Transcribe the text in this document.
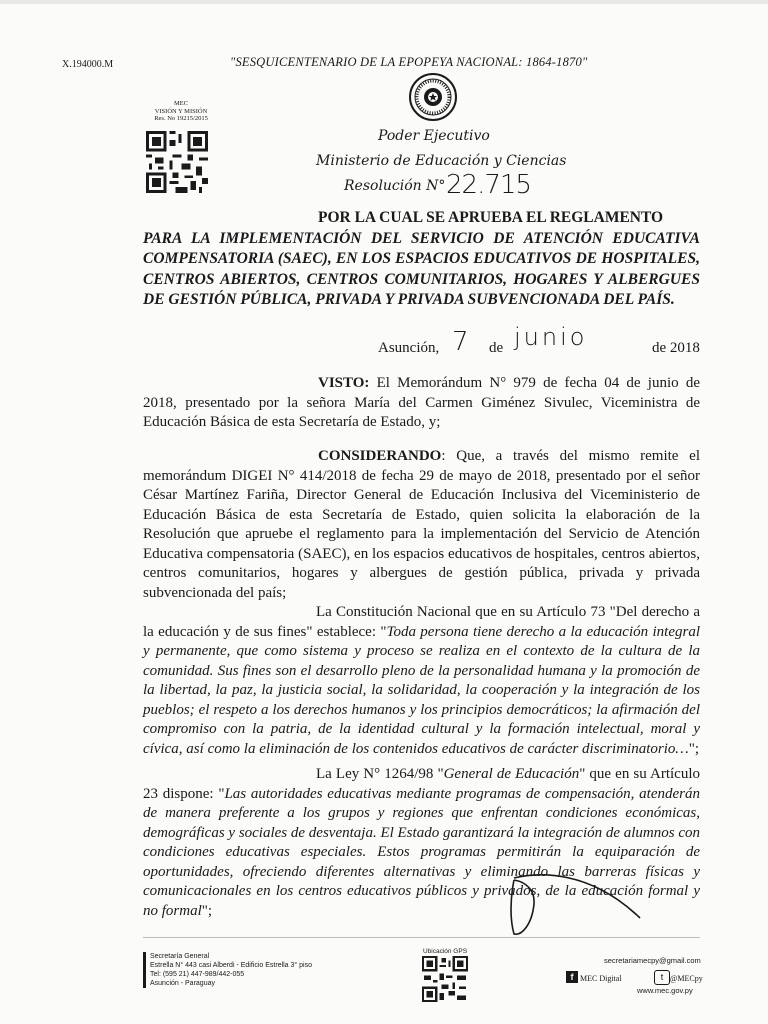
X.194000.M	"SESQUICENTENARIO DE LA EPOPEYA NACIONAL: 1864-1870"
MEC
VISIÓN Y MISIÓN
Res. No 19215/2015
Poder Ejecutivo
Ministerio de Educación y Ciencias
Resolución N° 22.715
POR LA CUAL SE APRUEBA EL REGLAMENTO
PARA LA IMPLEMENTACIÓN DEL SERVICIO DE ATENCIÓN EDUCATIVA COMPENSATORIA (SAEC), EN LOS ESPACIOS EDUCATIVOS DE HOSPITALES, CENTROS ABIERTOS, CENTROS COMUNITARIOS, HOGARES Y ALBERGUES DE GESTIÓN PÚBLICA, PRIVADA Y PRIVADA SUBVENCIONADA DEL PAÍS.
Asunción, 7 de junio	de 2018
VISTO: El Memorándum N° 979 de fecha 04 de junio de 2018, presentado por la señora María del Carmen Giménez Sivulec, Viceministra de Educación Básica de esta Secretaría de Estado, y;
CONSIDERANDO: Que, a través del mismo remite el memorándum DIGEI N° 414/2018 de fecha 29 de mayo de 2018, presentado por el señor César Martínez Fariña, Director General de Educación Inclusiva del Viceministerio de Educación Básica de esta Secretaría de Estado, quien solicita la elaboración de la Resolución que apruebe el reglamento para la implementación del Servicio de Atención Educativa compensatoria (SAEC), en los espacios educativos de hospitales, centros abiertos, centros comunitarios, hogares y albergues de gestión pública, privada y privada subvencionada del país;
La Constitución Nacional que en su Artículo 73 "Del derecho a la educación y de sus fines" establece: "Toda persona tiene derecho a la educación integral y permanente, que como sistema y proceso se realiza en el contexto de la cultura de la comunidad. Sus fines son el desarrollo pleno de la personalidad humana y la promoción de la libertad, la paz, la justicia social, la solidaridad, la cooperación y la integración de los pueblos; el respeto a los derechos humanos y los principios democráticos; la afirmación del compromiso con la patria, de la identidad cultural y la formación intelectual, moral y cívica, así como la eliminación de los contenidos educativos de carácter discriminatorio…";
La Ley N° 1264/98 "General de Educación" que en su Artículo 23 dispone: "Las autoridades educativas mediante programas de compensación, atenderán de manera preferente a los grupos y regiones que enfrentan condiciones económicas, demográficas y sociales de desventaja. El Estado garantizará la integración de alumnos con condiciones educativas especiales. Estos programas permitirán la equiparación de oportunidades, ofreciendo diferentes alternativas y eliminando las barreras físicas y comunicacionales en los centros educativos públicos y privados, de la educación formal y no formal";
Secretaría General
Estrella N° 443 casi Alberdi - Edificio Estrella 3° piso
Tel: (595 21) 447-989/442-055
Asunción - Paraguay
Ubicación GPS
secretariamecpy@gmail.com
f MEC Digital	t @MECpy
www.mec.gov.py
